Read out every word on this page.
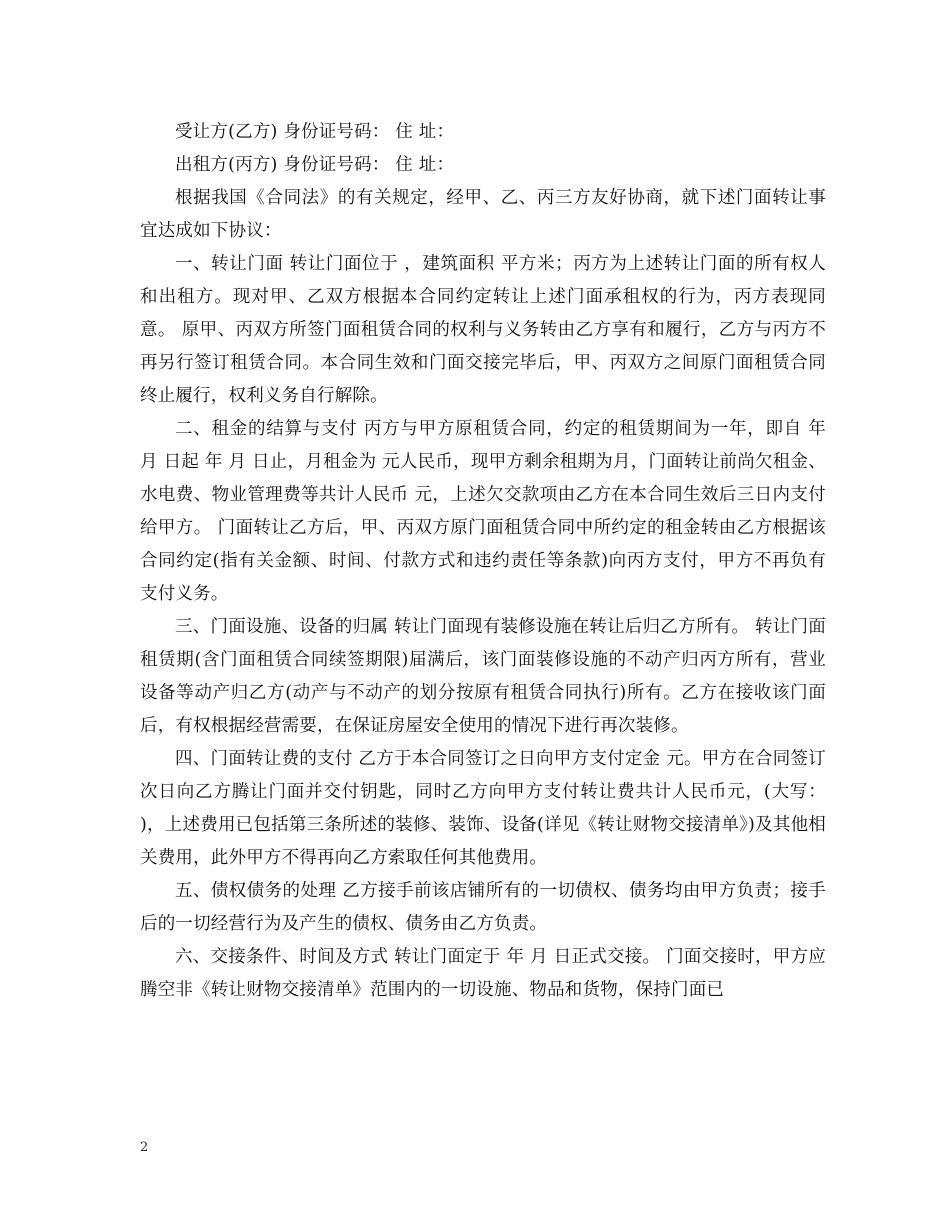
受让方(乙方) 身份证号码： 住 址：

出租方(丙方) 身份证号码： 住 址：

根据我国《合同法》的有关规定，经甲、乙、丙三方友好协商，就下述门面转让事宜达成如下协议：

一、转让门面 转让门面位于 ，建筑面积 平方米；丙方为上述转让门面的所有权人和出租方。现对甲、乙双方根据本合同约定转让上述门面承租权的行为，丙方表现同意。 原甲、丙双方所签门面租赁合同的权利与义务转由乙方享有和履行，乙方与丙方不再另行签订租赁合同。本合同生效和门面交接完毕后，甲、丙双方之间原门面租赁合同终止履行，权利义务自行解除。

二、租金的结算与支付 丙方与甲方原租赁合同，约定的租赁期间为一年，即自 年 月 日起 年 月 日止，月租金为 元人民币，现甲方剩余租期为月，门面转让前尚欠租金、水电费、物业管理费等共计人民币 元，上述欠交款项由乙方在本合同生效后三日内支付给甲方。 门面转让乙方后，甲、丙双方原门面租赁合同中所约定的租金转由乙方根据该合同约定(指有关金额、时间、付款方式和违约责任等条款)向丙方支付，甲方不再负有支付义务。

三、门面设施、设备的归属 转让门面现有装修设施在转让后归乙方所有。 转让门面租赁期(含门面租赁合同续签期限)届满后，该门面装修设施的不动产归丙方所有，营业设备等动产归乙方(动产与不动产的划分按原有租赁合同执行)所有。乙方在接收该门面后，有权根据经营需要，在保证房屋安全使用的情况下进行再次装修。

四、门面转让费的支付 乙方于本合同签订之日向甲方支付定金 元。甲方在合同签订次日向乙方腾让门面并交付钥匙，同时乙方向甲方支付转让费共计人民币元，(大写： )，上述费用已包括第三条所述的装修、装饰、设备(详见《转让财物交接清单》)及其他相关费用，此外甲方不得再向乙方索取任何其他费用。

五、债权债务的处理 乙方接手前该店铺所有的一切债权、债务均由甲方负责；接手后的一切经营行为及产生的债权、债务由乙方负责。

六、交接条件、时间及方式 转让门面定于 年 月 日正式交接。 门面交接时，甲方应腾空非《转让财物交接清单》范围内的一切设施、物品和货物，保持门面已

2
